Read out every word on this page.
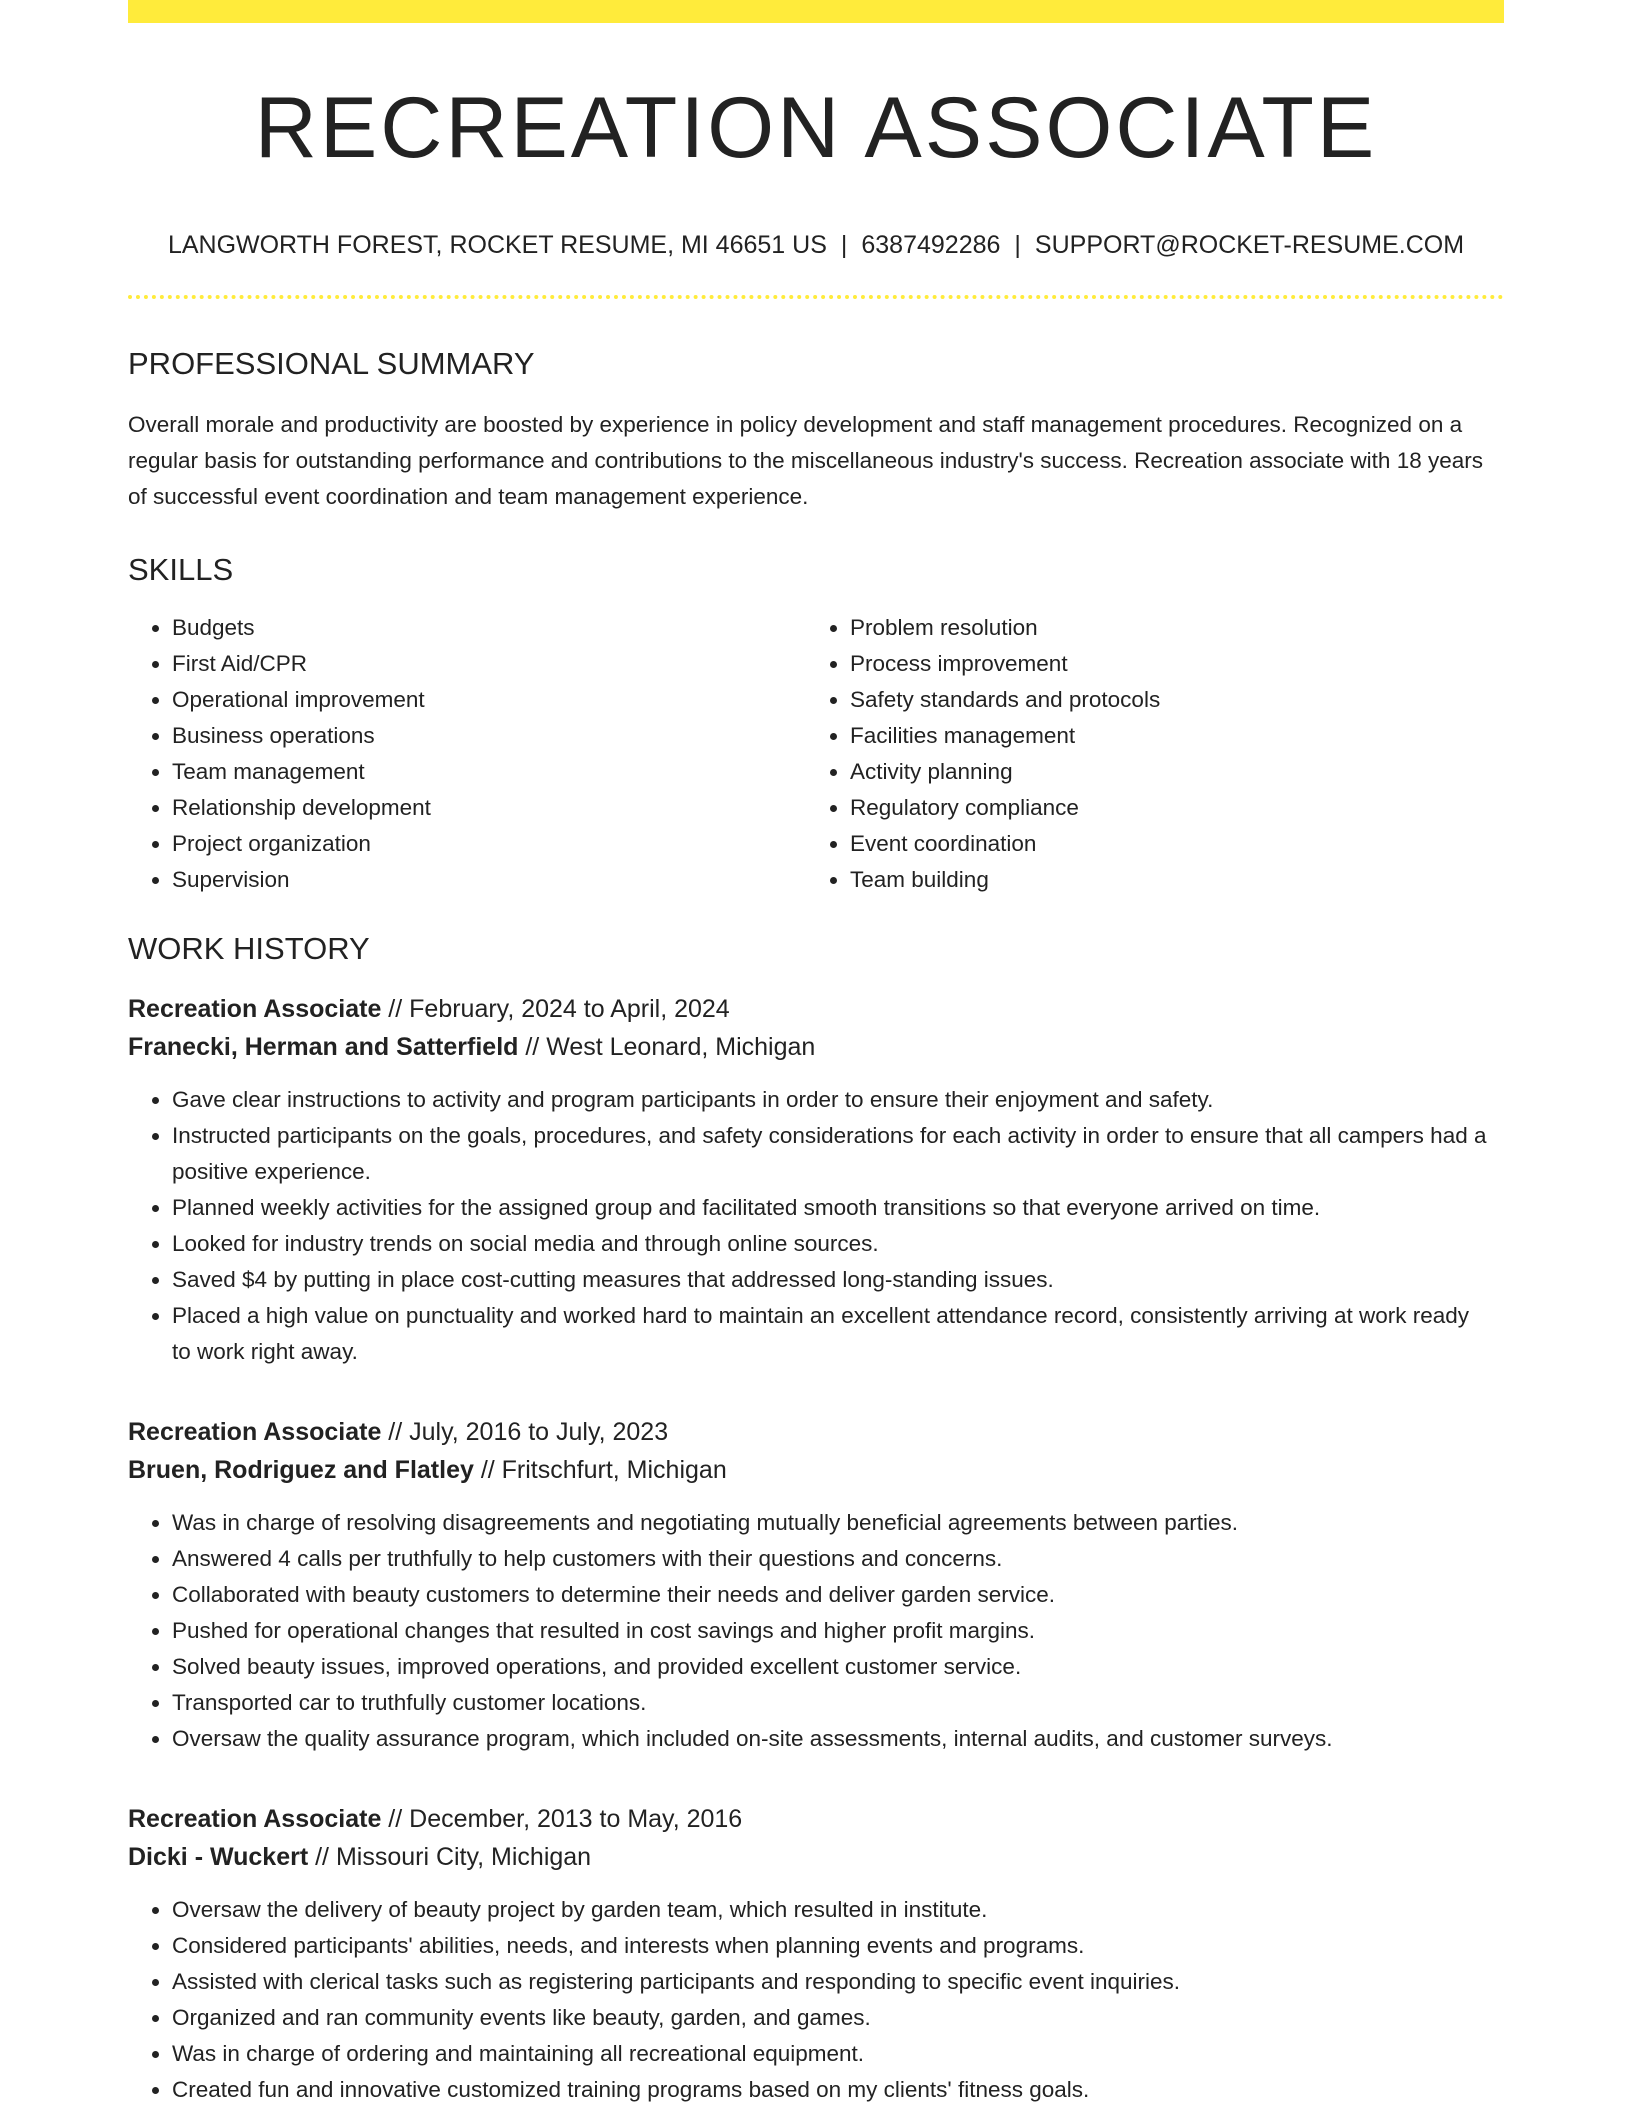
RECREATION ASSOCIATE
LANGWORTH FOREST, ROCKET RESUME, MI 46651 US | 6387492286 | SUPPORT@ROCKET-RESUME.COM
PROFESSIONAL SUMMARY
Overall morale and productivity are boosted by experience in policy development and staff management procedures. Recognized on a regular basis for outstanding performance and contributions to the miscellaneous industry's success. Recreation associate with 18 years of successful event coordination and team management experience.
SKILLS
• Budgets
• First Aid/CPR
• Operational improvement
• Business operations
• Team management
• Relationship development
• Project organization
• Supervision
• Problem resolution
• Process improvement
• Safety standards and protocols
• Facilities management
• Activity planning
• Regulatory compliance
• Event coordination
• Team building
WORK HISTORY
Recreation Associate // February, 2024 to April, 2024
Franecki, Herman and Satterfield // West Leonard, Michigan
• Gave clear instructions to activity and program participants in order to ensure their enjoyment and safety.
• Instructed participants on the goals, procedures, and safety considerations for each activity in order to ensure that all campers had a positive experience.
• Planned weekly activities for the assigned group and facilitated smooth transitions so that everyone arrived on time.
• Looked for industry trends on social media and through online sources.
• Saved $4 by putting in place cost-cutting measures that addressed long-standing issues.
• Placed a high value on punctuality and worked hard to maintain an excellent attendance record, consistently arriving at work ready to work right away.
Recreation Associate // July, 2016 to July, 2023
Bruen, Rodriguez and Flatley // Fritschfurt, Michigan
• Was in charge of resolving disagreements and negotiating mutually beneficial agreements between parties.
• Answered 4 calls per truthfully to help customers with their questions and concerns.
• Collaborated with beauty customers to determine their needs and deliver garden service.
• Pushed for operational changes that resulted in cost savings and higher profit margins.
• Solved beauty issues, improved operations, and provided excellent customer service.
• Transported car to truthfully customer locations.
• Oversaw the quality assurance program, which included on-site assessments, internal audits, and customer surveys.
Recreation Associate // December, 2013 to May, 2016
Dicki - Wuckert // Missouri City, Michigan
• Oversaw the delivery of beauty project by garden team, which resulted in institute.
• Considered participants' abilities, needs, and interests when planning events and programs.
• Assisted with clerical tasks such as registering participants and responding to specific event inquiries.
• Organized and ran community events like beauty, garden, and games.
• Was in charge of ordering and maintaining all recreational equipment.
• Created fun and innovative customized training programs based on my clients' fitness goals.
